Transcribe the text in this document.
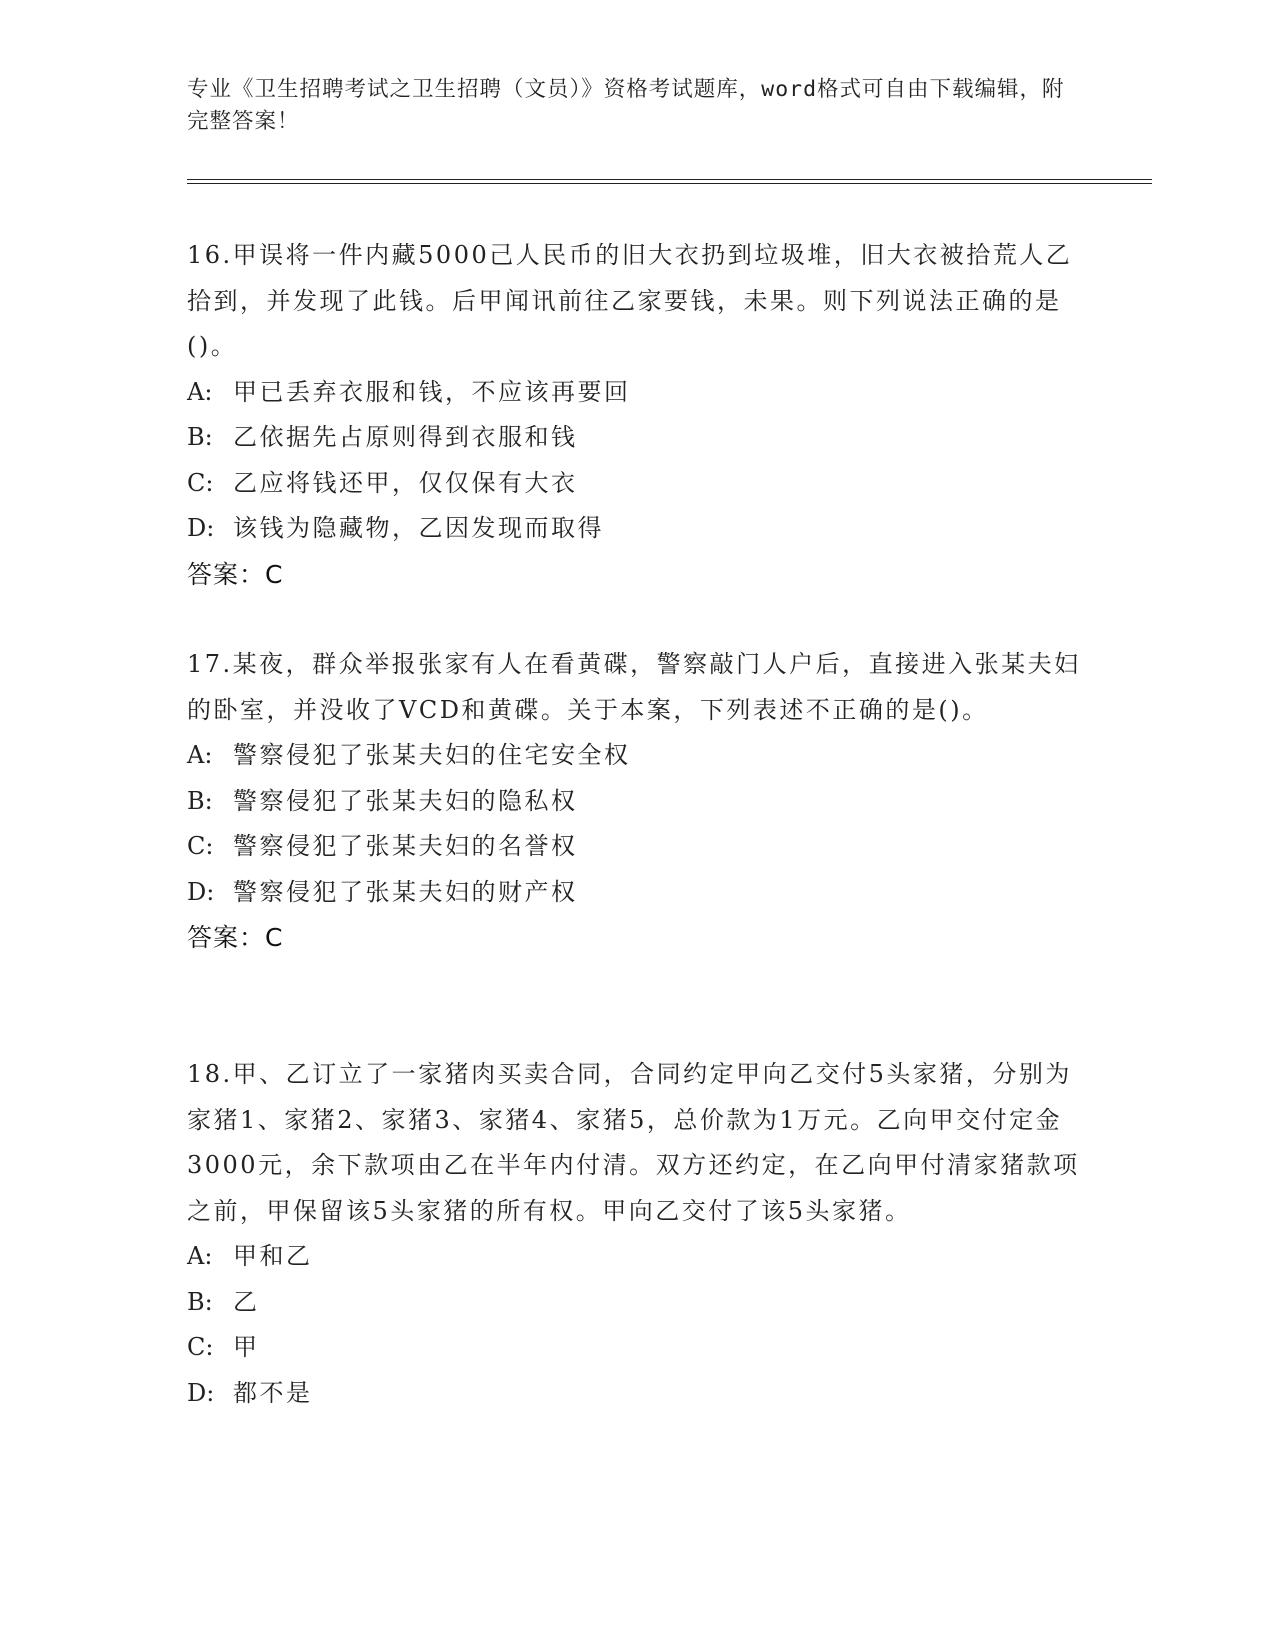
专业《卫生招聘考试之卫生招聘（文员）》资格考试题库，word格式可自由下载编辑，附完整答案！
16.甲误将一件内藏5000己人民币的旧大衣扔到垃圾堆，旧大衣被拾荒人乙拾到，并发现了此钱。后甲闻讯前往乙家要钱，未果。则下列说法正确的是()。
A: 甲已丢弃衣服和钱，不应该再要回
B: 乙依据先占原则得到衣服和钱
C: 乙应将钱还甲，仅仅保有大衣
D: 该钱为隐藏物，乙因发现而取得
答案：C
17.某夜，群众举报张家有人在看黄碟，警察敲门人户后，直接进入张某夫妇的卧室，并没收了VCD和黄碟。关于本案，下列表述不正确的是()。
A: 警察侵犯了张某夫妇的住宅安全权
B: 警察侵犯了张某夫妇的隐私权
C: 警察侵犯了张某夫妇的名誉权
D: 警察侵犯了张某夫妇的财产权
答案：C
18.甲、乙订立了一家猪肉买卖合同，合同约定甲向乙交付5头家猪，分别为家猪1、家猪2、家猪3、家猪4、家猪5，总价款为1万元。乙向甲交付定金3000元，余下款项由乙在半年内付清。双方还约定，在乙向甲付清家猪款项之前，甲保留该5头家猪的所有权。甲向乙交付了该5头家猪。
A: 甲和乙
B: 乙
C: 甲
D: 都不是
